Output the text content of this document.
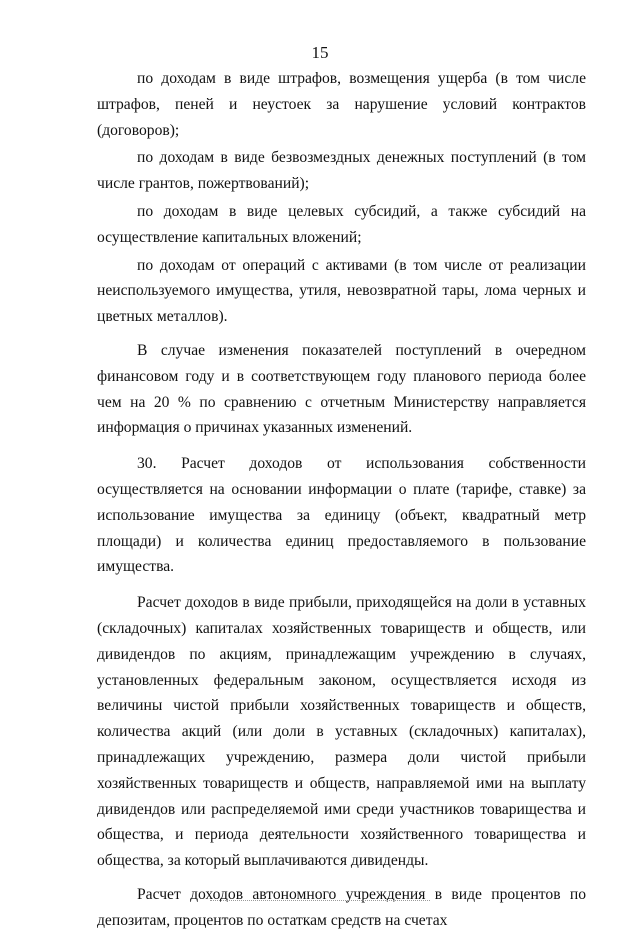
15

по доходам в виде штрафов, возмещения ущерба (в том числе штрафов, пеней и неустоек за нарушение условий контрактов (договоров);

по доходам в виде безвозмездных денежных поступлений (в том числе грантов, пожертвований);

по доходам в виде целевых субсидий, а также субсидий на осуществление капитальных вложений;

по доходам от операций с активами (в том числе от реализации неиспользуемого имущества, утиля, невозвратной тары, лома черных и цветных металлов).

В случае изменения показателей поступлений в очередном финансовом году и в соответствующем году планового периода более чем на 20 % по сравнению с отчетным Министерству направляется информация о причинах указанных изменений.

30. Расчет доходов от использования собственности осуществляется на основании информации о плате (тарифе, ставке) за использование имущества за единицу (объект, квадратный метр площади) и количества единиц предоставляемого в пользование имущества.

Расчет доходов в виде прибыли, приходящейся на доли в уставных (складочных) капиталах хозяйственных товариществ и обществ, или дивидендов по акциям, принадлежащим учреждению в случаях, установленных федеральным законом, осуществляется исходя из величины чистой прибыли хозяйственных товариществ и обществ, количества акций (или доли в уставных (складочных) капиталах), принадлежащих учреждению, размера доли чистой прибыли хозяйственных товариществ и обществ, направляемой ими на выплату дивидендов или распределяемой ими среди участников товарищества и общества, и периода деятельности хозяйственного товарищества и общества, за который выплачиваются дивиденды.

Расчет доходов автономного учреждения в виде процентов по депозитам, процентов по остаткам средств на счетах
